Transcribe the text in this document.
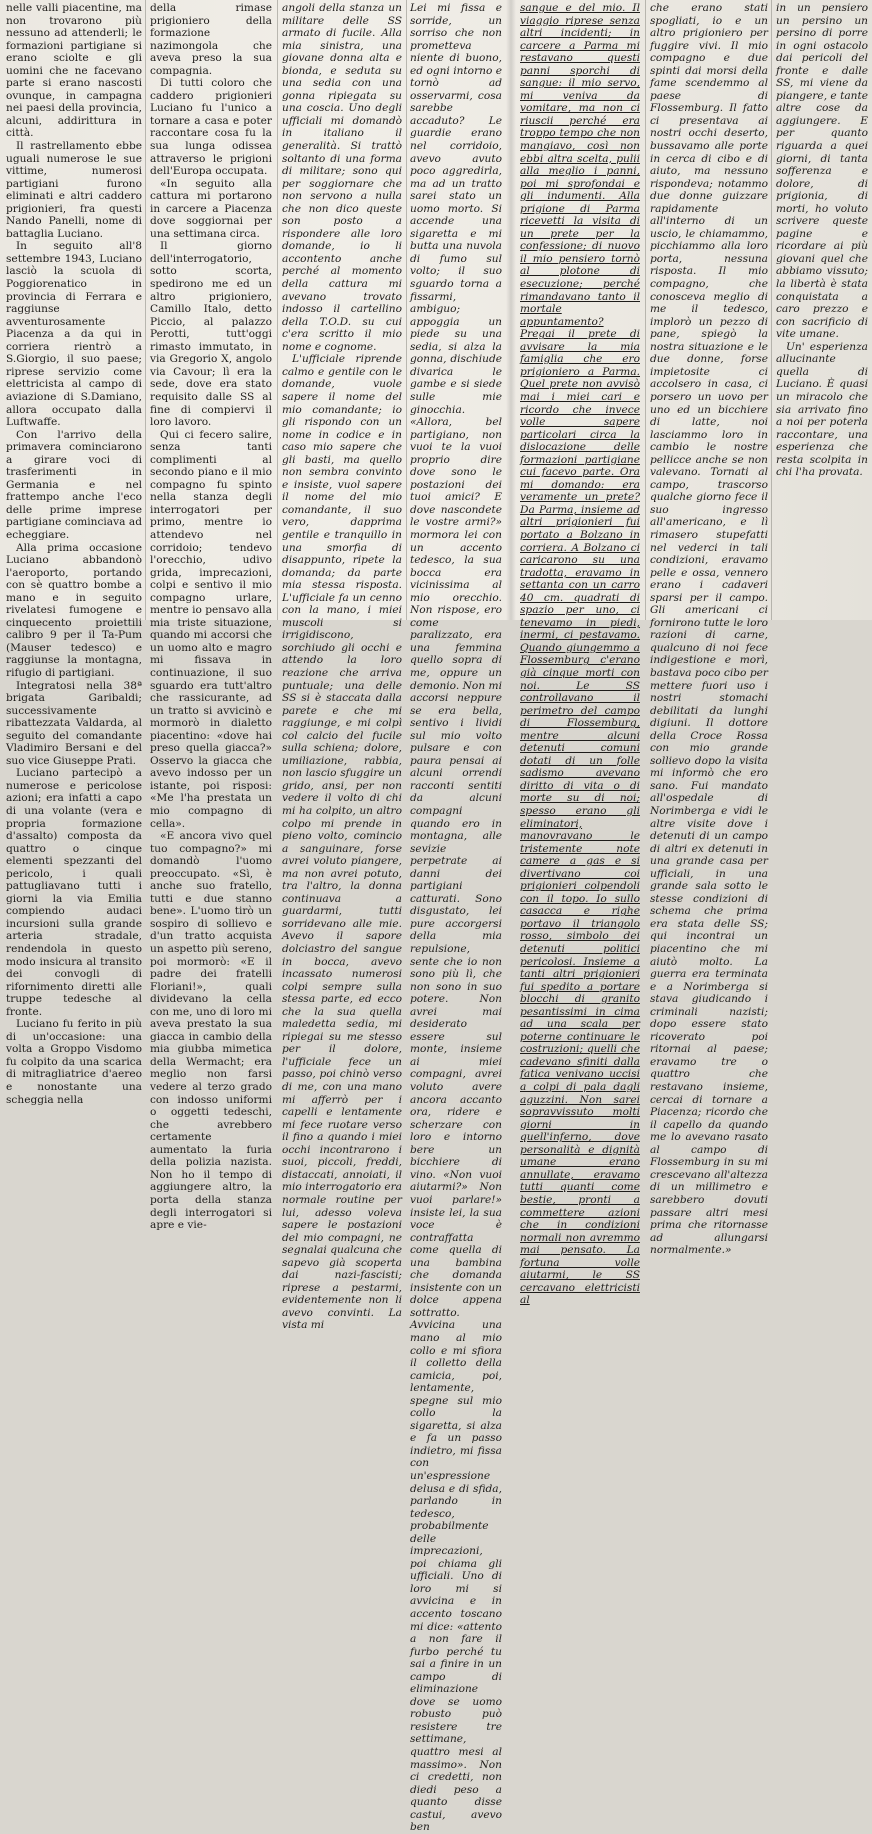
nelle valli piacentine, ma non trovarono più nessuno ad attenderli; le formazioni partigiane si erano sciolte e gli uomini che ne facevano parte si erano nascosti ovunque, in campagna nei paesi della provincia, alcuni, addirittura in città.

Il rastrellamento ebbe uguali numerose le sue vittime, numerosi partigiani furono eliminati e altri caddero prigionieri, fra questi Nando Panelli, nome di battaglia Luciano.

In seguito all'8 settembre 1943, Luciano lasciò la scuola di Poggiorenatico in provincia di Ferrara e raggiunse avventurosamente Piacenza a da qui in corriera rientrò a S.Giorgio, il suo paese; riprese servizio come elettricista al campo di aviazione di S.Damiano, allora occupato dalla Luftwaffe.

Con l'arrivo della primavera cominciarono a girare voci di trasferimenti in Germania e nel frattempo anche l'eco delle prime imprese partigiane cominciava ad echeggiare.

Alla prima occasione Luciano abbandonò l'aeroporto, portando con sè quattro bombe a mano e in seguito rivelatesi fumogene e cinquecento proiettili calibro 9 per il Ta-Pum (Mauser tedesco) e raggiunse la montagna, rifugio di partigiani.

Integratosi nella 38ª brigata Garibaldi; successivamente ribattezzata Valdarda, al seguito del comandante Vladimiro Bersani e del suo vice Giuseppe Prati.

Luciano partecipò a numerose e pericolose azioni; era infatti a capo di una volante (vera e propria formazione d'assalto) composta da quattro o cinque elementi spezzanti del pericolo, i quali pattugliavano tutti i giorni la via Emilia compiendo audaci incursioni sulla grande arteria stradale, rendendola in questo modo insicura al transito dei convogli di rifornimento diretti alle truppe tedesche al fronte.

Luciano fu ferito in più di un'occasione: una volta a Groppo Visdomo fu colpito da una scarica di mitragliatrice d'aereo e nonostante una scheggia nella

della rimase prigioniero della formazione nazimongola che aveva preso la sua compagnia.

Di tutti coloro che caddero prigionieri Luciano fu l'unico a tornare a casa e poter raccontare cosa fu la sua lunga odissea attraverso le prigioni dell'Europa occupata.

«In seguito alla cattura mi portarono in carcere a Piacenza dove soggiornai per una settimana circa.

Il giorno dell'interrogatorio, sotto scorta, spedirono me ed un altro prigioniero, Camillo Italo, detto Piccio, al palazzo Perotti, tutt'oggi rimasto immutato, in via Gregorio X, angolo via Cavour; lì era la sede, dove era stato requisito dalle SS al fine di compiervi il loro lavoro.

Qui ci fecero salire, senza tanti complimenti al secondo piano e il mio compagno fu spinto nella stanza degli interrogatori per primo, mentre io attendevo nel corridoio; tendevo l'orecchio, udivo grida, imprecazioni, colpi e sentivo il mio compagno urlare, mentre io pensavo alla mia triste situazione, quando mi accorsi che un uomo alto e magro mi fissava in continuazione, il suo sguardo era tutt'altro che rassicurante, ad un tratto si avvicinò e mormorò in dialetto piacentino: «dove hai preso quella giacca?» Osservo la giacca che avevo indosso per un istante, poi risposi: «Me l'ha prestata un mio compagno di cella».

«E ancora vivo quel tuo compagno?» mi domandò l'uomo preoccupato. «Sì, è anche suo fratello, tutti e due stanno bene». L'uomo tirò un sospiro di sollievo e d'un tratto acquista un aspetto più sereno, poi mormorò: «E il padre dei fratelli Floriani!», quali dividevano la cella con me, uno di loro mi aveva prestato la sua giacca in cambio della mia giubba mimetica della Wermacht; era meglio non farsi vedere al terzo grado con indosso uniformi o oggetti tedeschi, che avrebbero certamente aumentato la furia della polizia nazista. Non ho il tempo di aggiungere altro, la porta della stanza degli interrogatori si apre e vie-

angoli della stanza un militare delle SS armato di fucile. Alla mia sinistra, una giovane donna alta e bionda, e seduta su una sedia con una gonna ripiegata su una coscia. Uno degli ufficiali mi domandò in italiano il generalità. Si trattò soltanto di una forma di militare; sono qui per soggiornare che non servono a nulla che non dico queste son posto a rispondere alle loro domande, io li accontento anche perché al momento della cattura mi avevano trovato indosso il cartellino della T.O.D. su cui c'era scritto il mio nome e cognome.

L'ufficiale riprende calmo e gentile con le domande, vuole sapere il nome del mio comandante; io gli rispondo con un nome in codice e in caso mio sapere che gli basti, ma quello non sembra convinto e insiste, vuol sapere il nome del mio comandante, il suo vero, dapprima gentile e tranquillo in una smorfia di disappunto, ripete la domanda; da parte mia stessa risposta. L'ufficiale fa un cenno con la mano, i miei muscoli si irrigidiscono, sorchiudo gli occhi e attendo la loro reazione che arriva puntuale; una delle SS si è staccata dalla parete e che mi raggiunge, e mi colpì col calcio del fucile sulla schiena; dolore, umiliazione, rabbia, non lascio sfuggire un grido, ansi, per non vedere il volto di chi mi ha colpito, un altro colpo mi prende in pieno volto, comincio a sanguinare, forse avrei voluto piangere, ma non avrei potuto, tra l'altro, la donna continuava a guardarmi, tutti sorridevano alle mie. Avevo il sapore dolciastro del sangue in bocca, avevo incassato numerosi colpi sempre sulla stessa parte, ed ecco che la sua quella maledetta sedia, mi ripiegai su me stesso per il dolore, l'ufficiale fece un passo, poi chinò verso di me, con una mano mi afferrò per i capelli e lentamente mi fece ruotare verso il fino a quando i miei occhi incontrarono i suoi, piccoli, freddi, distaccati, annoiati, il mio interrogatorio era normale routine per lui, adesso voleva sapere le postazioni del mio compagni, ne segnalai qualcuna che sapevo già scoperta dai nazi-fascisti; riprese a pestarmi, evidentemente non li avevo convinti. La vista mi

Lei mi fissa e sorride, un sorriso che non prometteva niente di buono, ed ogni intorno e tornò ad osservarmi, cosa sarebbe accaduto? Le guardie erano nel corridoio, avevo avuto poco aggredirla, ma ad un tratto sarei stato un uomo morto. Si accende una sigaretta e mi butta una nuvola di fumo sul volto; il suo sguardo torna a fissarmi, ambiguo; appoggia un piede su una sedia, si alza la gonna, dischiude divarica le gambe e si siede sulle mie ginocchia. «Allora, bel partigiano, non vuoi te la vuoi proprio dire dove sono le postazioni dei tuoi amici? E dove nascondete le vostre armi?» mormora lei con un accento tedesco, la sua bocca era vicinissima al mio orecchio. Non rispose, ero come paralizzato, era una femmina quello sopra di me, oppure un demonio. Non mi accorsi neppure se era bella, sentivo i lividi sul mio volto pulsare e con paura pensai ai alcuni orrendi racconti sentiti da alcuni compagni quando ero in montagna, alle sevizie perpetrate ai danni dei partigiani catturati. Sono disgustato, lei pure accorgersi della mia repulsione, sente che io non sono più lì, che non sono in suo potere. Non avrei mai desiderato essere sul monte, insieme ai miei compagni, avrei voluto avere ancora accanto ora, ridere e scherzare con loro e intorno bere un bicchiere di vino. «Non vuoi aiutarmi?» Non vuoi parlare!» insiste lei, la sua voce è contraffatta come quella di una bambina che domanda insistente con un dolce appena sottratto. Avvicina una mano al mio collo e mi sfiora il colletto della camicia, poi, lentamente, spegne sul mio collo la sigaretta, si alza e fa un passo indietro, mi fissa con un'espressione delusa e di sfida, parlando in tedesco, probabilmente delle imprecazioni, poi chiama gli ufficiali. Uno di loro mi si avvicina e in accento toscano mi dice: «attento a non fare il furbo perché tu sai a finire in un campo di eliminazione dove se uomo robusto può resistere tre settimane, quattro mesi al massimo». Non ci credetti, non diedi peso a quanto disse castui, avevo ben

sangue e del mio. Il viaggio riprese senza altri incidenti; in carcere a Parma mi restavano questi panni sporchi di sangue: il mio servo, mi veniva da vomitare, ma non ci riuscii perché era troppo tempo che non mangiavo, così non ebbi altra scelta, pulii alla meglio i panni, poi mi sprofondai e gli indumenti. Alla prigione di Parma ricevetti la visita di un prete per la confessione; di nuovo il mio pensiero tornò al plotone di esecuzione; perché rimandavano tanto il mortale appuntamento? Pregai il prete di avvisare la mia famiglia che ero prigioniero a Parma. Quel prete non avvisò mai i miei cari e ricordo che invece volle sapere particolari circa la dislocazione delle formazioni partigiane cui facevo parte. Ora mi domando: era veramente un prete? Da Parma, insieme ad altri prigionieri fui portato a Bolzano in corriera. A Bolzano ci caricarono su una tradotta, eravamo in settanta con un carro 40 cm. quadrati di spazio per uno, ci tenevamo in piedi, inermi, ci pestavamo. Quando giungemmo a Flossemburg c'erano già cinque morti con noi. Le SS controllavano il perimetro del campo di Flossemburg, mentre alcuni detenuti comuni dotati di un folle sadismo avevano diritto di vita o di morte su di noi; spesso erano gli eliminatori, manovravano le tristemente note camere a gas e si divertivano coi prigionieri colpendoli con il topo. Io sullo casacca e righe portavo il triangolo rosso, simbolo dei detenuti politici pericolosi. Insieme a tanti altri prigionieri fui spedito a portare blocchi di granito pesantissimi in cima ad una scala per poterne continuare le costruzioni; quelli che cadevano sfiniti dalla fatica venivano uccisi a colpi di pala dagli aguzzini. Non sarei sopravvissuto molti giorni in quell'inferno, dove personalità e dignità umane erano annullate, eravamo tutti quanti come bestie, pronti a commettere azioni che in condizioni normali non avremmo mai pensato. La fortuna volle aiutarmi, le SS cercavano elettricisti al

che erano stati spogliati, io e un altro prigioniero per fuggire vivi. Il mio compagno e due spinti dai morsi della fame scendemmo al paese di Flossemburg. Il fatto ci presentava ai nostri occhi deserto, bussavamo alle porte in cerca di cibo e di aiuto, ma nessuno rispondeva; notammo due donne guizzare rapidamente all'interno di un uscio, le chiamammo, picchiammo alla loro porta, nessuna risposta. Il mio compagno, che conosceva meglio di me il tedesco, implorò un pezzo di pane, spiegò la nostra situazione e le due donne, forse impietosite ci accolsero in casa, ci porsero un uovo per uno ed un bicchiere di latte, noi lasciammo loro in cambio le nostre pellicce anche se non valevano. Tornati al campo, trascorso qualche giorno fece il suo ingresso all'americano, e lì rimasero stupefatti nel vederci in tali condizioni, eravamo pelle e ossa, vennero erano i cadaveri sparsi per il campo. Gli americani ci fornirono tutte le loro razioni di carne, qualcuno di noi fece indigestione e morì, bastava poco cibo per mettere fuori uso i nostri stomachi debilitati da lunghi digiuni. Il dottore della Croce Rossa con mio grande sollievo dopo la visita mi informò che ero sano. Fui mandato all'ospedale di Norimberga e vidi le altre visite dove i detenuti di un campo di altri ex detenuti in una grande casa per ufficiali, in una grande sala sotto le stesse condizioni di schema che prima era stata delle SS; qui incontrai un piacentino che mi aiutò molto. La guerra era terminata e a Norimberga si stava giudicando i criminali nazisti; dopo essere stato ricoverato poi ritornai al paese; eravamo tre o quattro che restavano insieme, cercai di tornare a Piacenza; ricordo che il capello da quando me lo avevano rasato al campo di Flossemburg in su mi crescevano all'altezza di un millimetro e sarebbero dovuti passare altri mesi prima che ritornasse ad allungarsi normalmente.»

in un pensiero un persino un persino di porre in ogni ostacolo dai pericoli del fronte e dalle SS, mi viene da piangere, e tante altre cose da aggiungere. E per quanto riguarda a quei giorni, di tanta sofferenza e dolore, di prigionia, di morti, ho voluto scrivere queste pagine e ricordare ai più giovani quel che abbiamo vissuto; la libertà è stata conquistata a caro prezzo e con sacrificio di vite umane.

Un' esperienza allucinante quella di Luciano. È quasi un miracolo che sia arrivato fino a noi per poterla raccontare, una esperienza che resta scolpita in chi l'ha provata.
